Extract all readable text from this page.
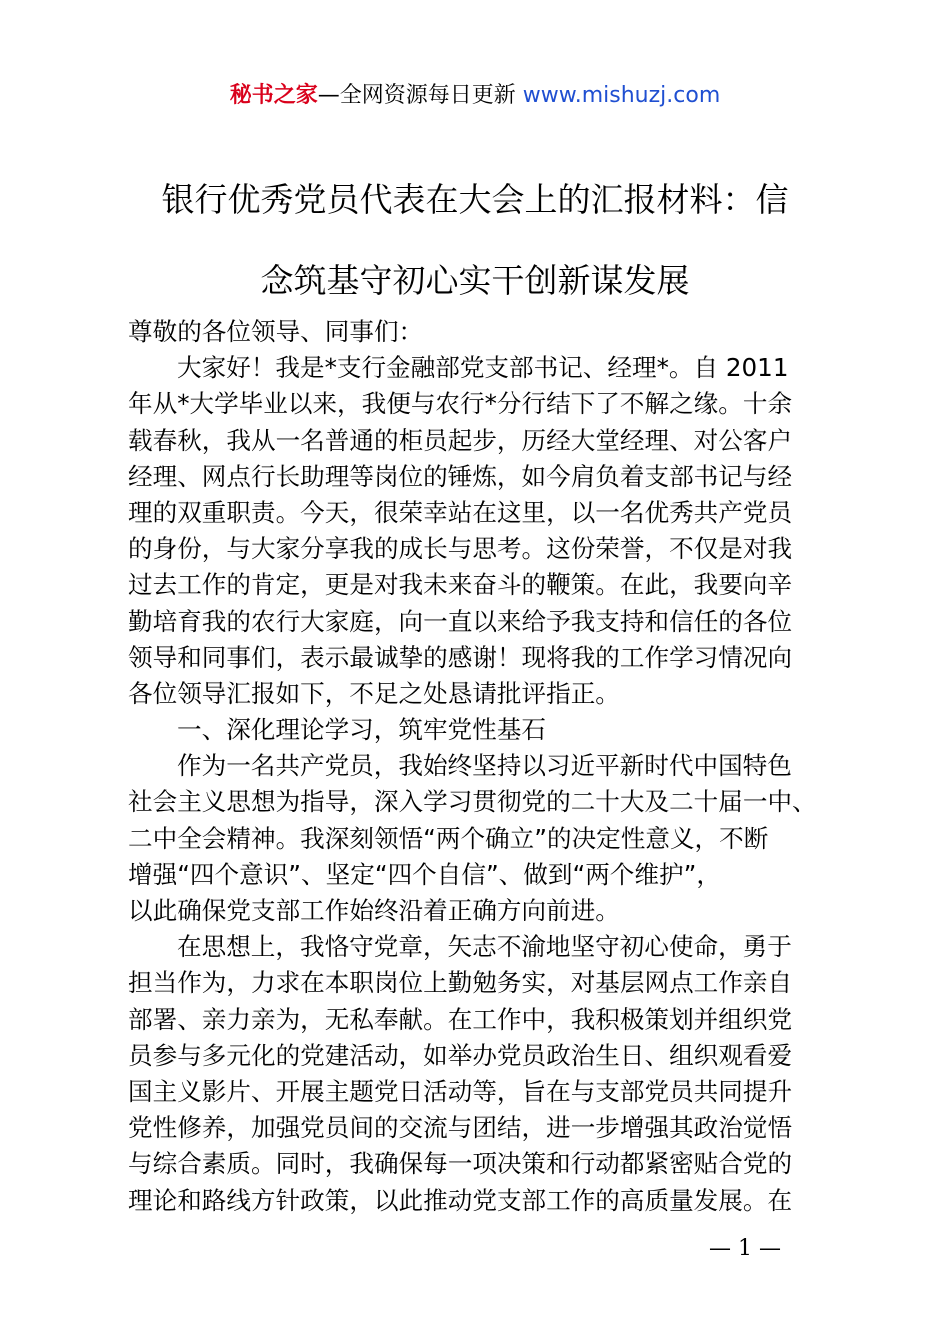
秘书之家—全网资源每日更新 www.mishuzj.com
银行优秀党员代表在大会上的汇报材料：信
念筑基守初心实干创新谋发展

尊敬的各位领导、同事们：

大家好！我是*支行金融部党支部书记、经理*。自 2011

年从*大学毕业以来，我便与农行*分行结下了不解之缘。十余

载春秋，我从一名普通的柜员起步，历经大堂经理、对公客户

经理、网点行长助理等岗位的锤炼，如今肩负着支部书记与经

理的双重职责。今天，很荣幸站在这里，以一名优秀共产党员

的身份，与大家分享我的成长与思考。这份荣誉，不仅是对我

过去工作的肯定，更是对我未来奋斗的鞭策。在此，我要向辛

勤培育我的农行大家庭，向一直以来给予我支持和信任的各位

领导和同事们，表示最诚挚的感谢！现将我的工作学习情况向

各位领导汇报如下，不足之处恳请批评指正。

一、深化理论学习，筑牢党性基石

作为一名共产党员，我始终坚持以习近平新时代中国特色

社会主义思想为指导，深入学习贯彻党的二十大及二十届一中、

二中全会精神。我深刻领悟“两个确立”的决定性意义，不断

增强“四个意识”、坚定“四个自信”、做到“两个维护”，

以此确保党支部工作始终沿着正确方向前进。

在思想上，我恪守党章，矢志不渝地坚守初心使命，勇于

担当作为，力求在本职岗位上勤勉务实，对基层网点工作亲自

部署、亲力亲为，无私奉献。在工作中，我积极策划并组织党

员参与多元化的党建活动，如举办党员政治生日、组织观看爱

国主义影片、开展主题党日活动等，旨在与支部党员共同提升

党性修养，加强党员间的交流与团结，进一步增强其政治觉悟

与综合素质。同时，我确保每一项决策和行动都紧密贴合党的

理论和路线方针政策，以此推动党支部工作的高质量发展。在

— 1 —
